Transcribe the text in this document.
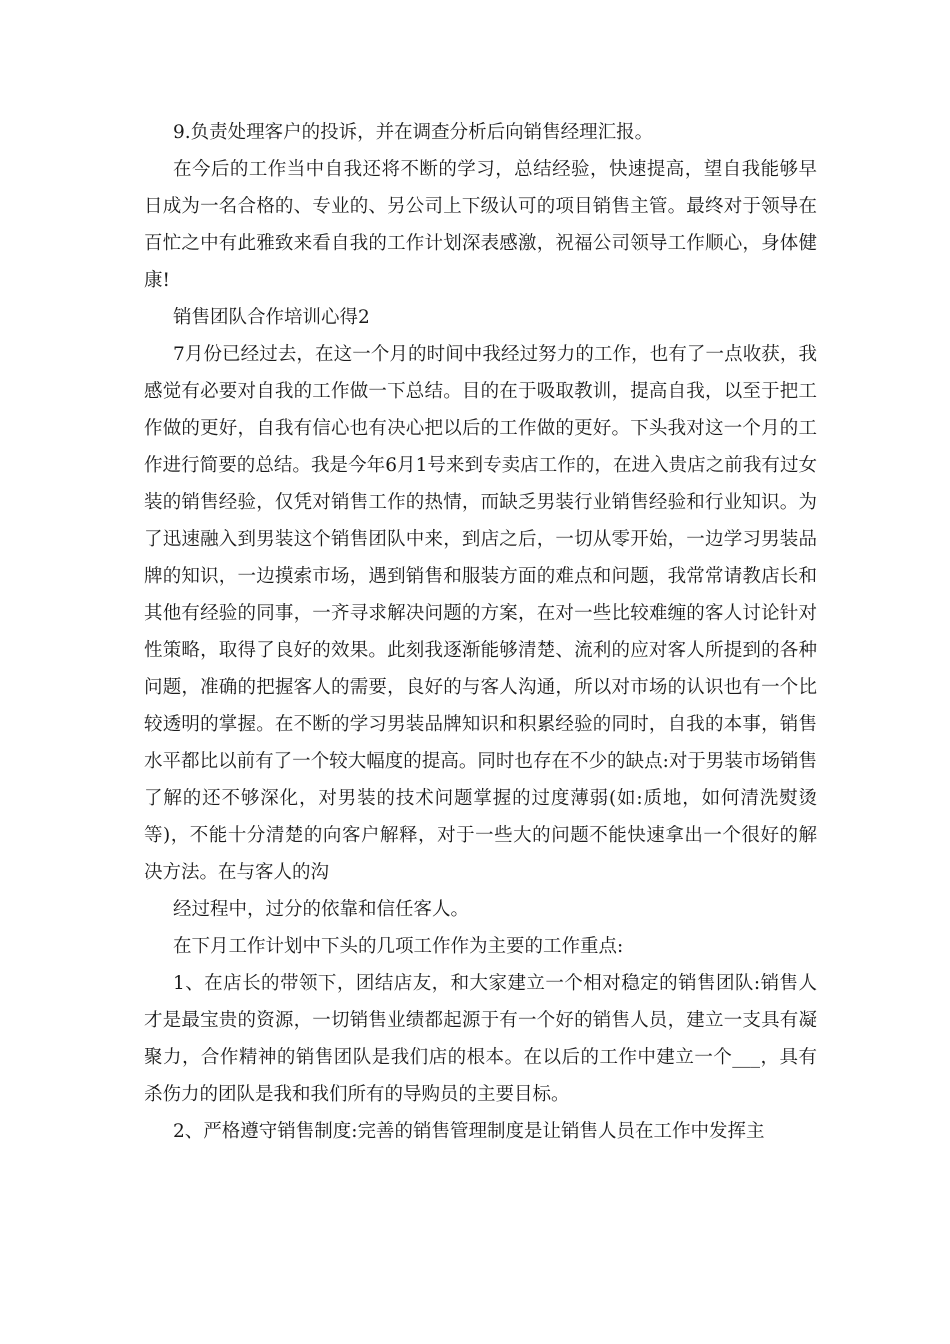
9.负责处理客户的投诉，并在调查分析后向销售经理汇报。

在今后的工作当中自我还将不断的学习，总结经验，快速提高，望自我能够早日成为一名合格的、专业的、另公司上下级认可的项目销售主管。最终对于领导在百忙之中有此雅致来看自我的工作计划深表感激，祝福公司领导工作顺心，身体健康!

销售团队合作培训心得2

7月份已经过去，在这一个月的时间中我经过努力的工作，也有了一点收获，我感觉有必要对自我的工作做一下总结。目的在于吸取教训，提高自我，以至于把工作做的更好，自我有信心也有决心把以后的工作做的更好。下头我对这一个月的工作进行简要的总结。我是今年6月1号来到专卖店工作的，在进入贵店之前我有过女装的销售经验，仅凭对销售工作的热情，而缺乏男装行业销售经验和行业知识。为了迅速融入到男装这个销售团队中来，到店之后，一切从零开始，一边学习男装品牌的知识，一边摸索市场，遇到销售和服装方面的难点和问题，我常常请教店长和其他有经验的同事，一齐寻求解决问题的方案，在对一些比较难缠的客人讨论针对性策略，取得了良好的效果。此刻我逐渐能够清楚、流利的应对客人所提到的各种问题，准确的把握客人的需要，良好的与客人沟通，所以对市场的认识也有一个比较透明的掌握。在不断的学习男装品牌知识和积累经验的同时，自我的本事，销售水平都比以前有了一个较大幅度的提高。同时也存在不少的缺点:对于男装市场销售了解的还不够深化，对男装的技术问题掌握的过度薄弱(如:质地，如何清洗熨烫等)，不能十分清楚的向客户解释，对于一些大的问题不能快速拿出一个很好的解决方法。在与客人的沟

经过程中，过分的依靠和信任客人。

在下月工作计划中下头的几项工作作为主要的工作重点:

1、在店长的带领下，团结店友，和大家建立一个相对稳定的销售团队:销售人才是最宝贵的资源，一切销售业绩都起源于有一个好的销售人员，建立一支具有凝聚力，合作精神的销售团队是我们店的根本。在以后的工作中建立一个___，具有杀伤力的团队是我和我们所有的导购员的主要目标。

2、严格遵守销售制度:完善的销售管理制度是让销售人员在工作中发挥主
